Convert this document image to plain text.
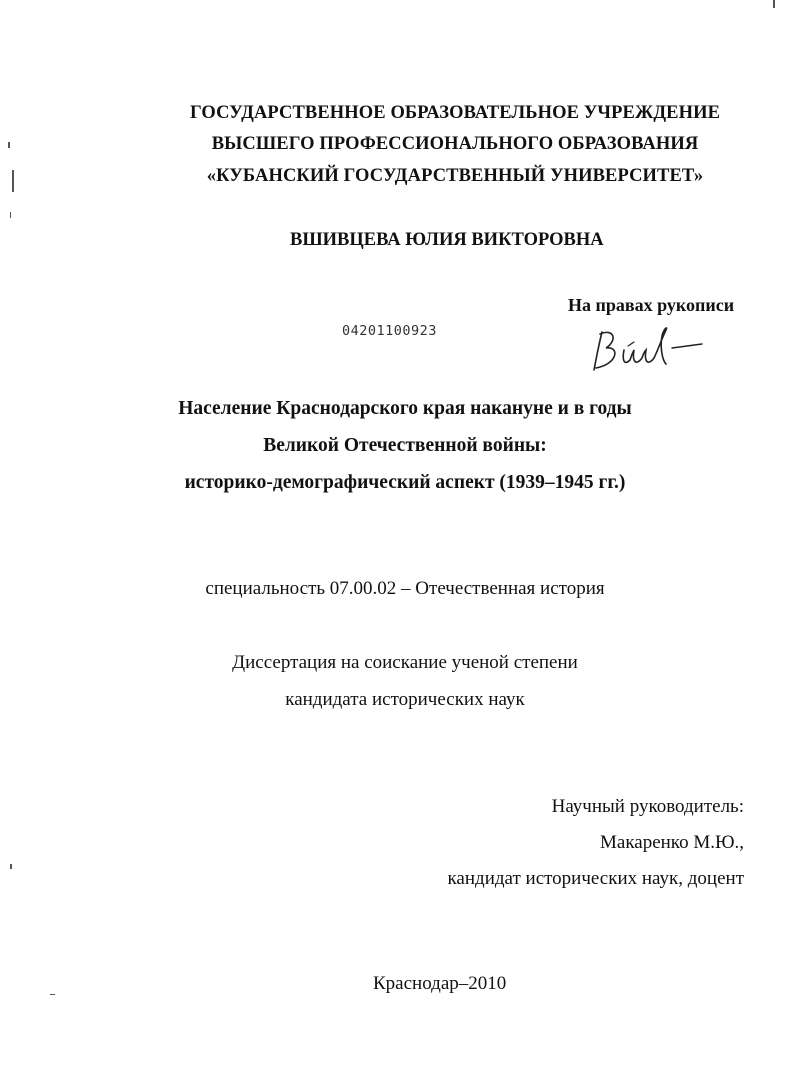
ГОСУДАРСТВЕННОЕ ОБРАЗОВАТЕЛЬНОЕ УЧРЕЖДЕНИЕ
ВЫСШЕГО ПРОФЕССИОНАЛЬНОГО ОБРАЗОВАНИЯ
«КУБАНСКИЙ ГОСУДАРСТВЕННЫЙ УНИВЕРСИТЕТ»
ВШИВЦЕВА ЮЛИЯ ВИКТОРОВНА
На правах рукописи
04201100923
Население Краснодарского края накануне и в годы
Великой Отечественной войны:
историко-демографический аспект (1939–1945 гг.)
специальность 07.00.02 – Отечественная история
Диссертация на соискание ученой степени
кандидата исторических наук
Научный руководитель:
Макаренко М.Ю.,
кандидат исторических наук, доцент
Краснодар–2010
